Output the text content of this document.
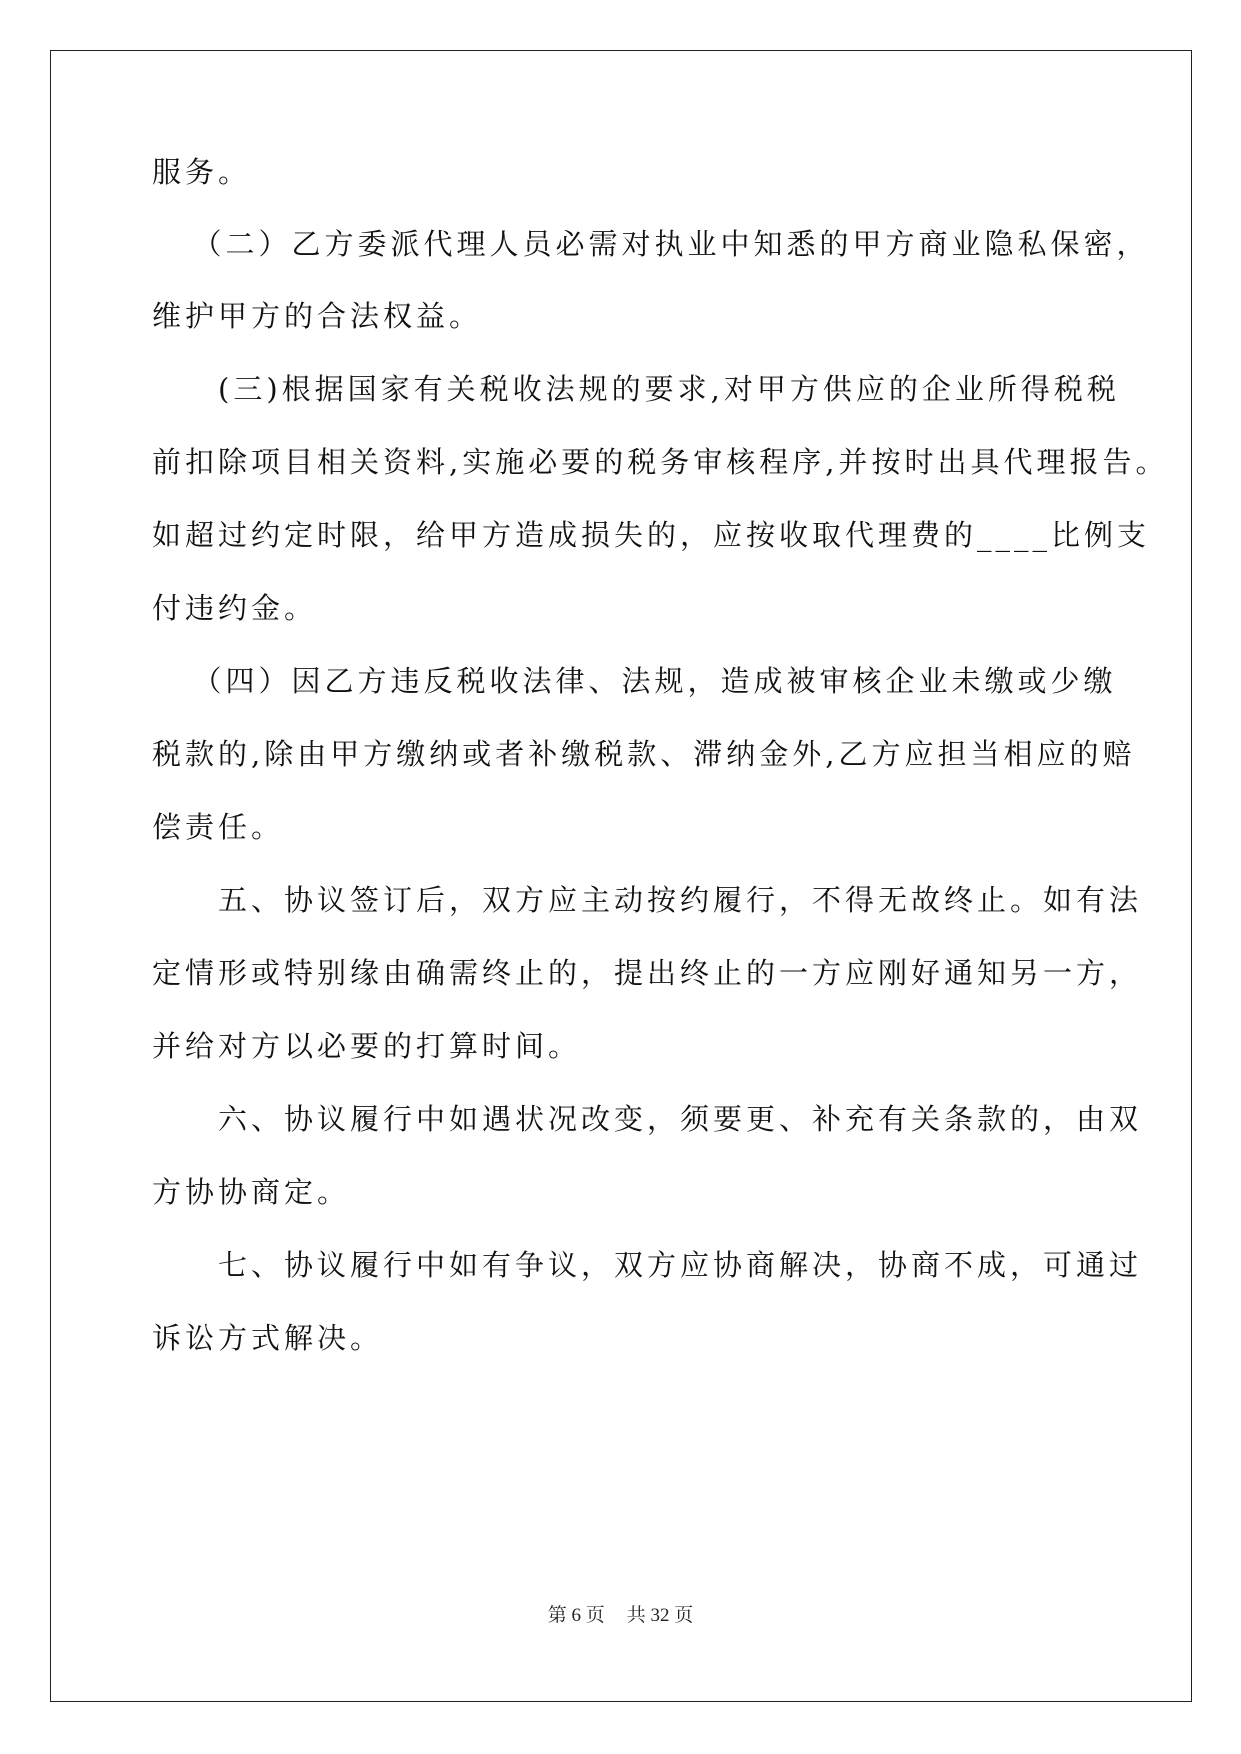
服务。
　（二）乙方委派代理人员必需对执业中知悉的甲方商业隐私保密，
维护甲方的合法权益。
　　(三)根据国家有关税收法规的要求,对甲方供应的企业所得税税
前扣除项目相关资料,实施必要的税务审核程序,并按时出具代理报告。
如超过约定时限，给甲方造成损失的，应按收取代理费的____比例支
付违约金。
　（四）因乙方违反税收法律、法规，造成被审核企业未缴或少缴
税款的,除由甲方缴纳或者补缴税款、滞纳金外,乙方应担当相应的赔
偿责任。
　　五、协议签订后，双方应主动按约履行，不得无故终止。如有法
定情形或特别缘由确需终止的，提出终止的一方应刚好通知另一方，
并给对方以必要的打算时间。
　　六、协议履行中如遇状况改变，须要更、补充有关条款的，由双
方协协商定。
　　七、协议履行中如有争议，双方应协商解决，协商不成，可通过
诉讼方式解决。
第 6 页 共 32 页
